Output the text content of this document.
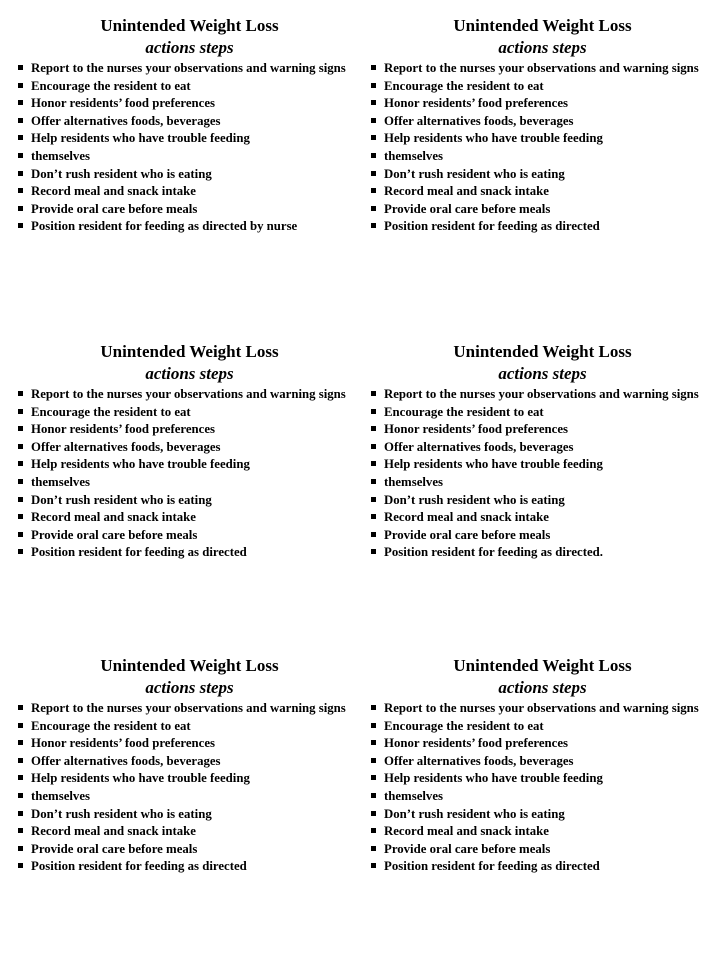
Unintended Weight Loss
actions steps
Report to the nurses your observations and warning signs
Encourage the resident to eat
Honor residents’ food preferences
Offer alternatives foods, beverages
Help residents who have trouble feeding
themselves
Don’t rush resident who is eating
Record meal and snack intake
Provide oral care before meals
Position resident for feeding as directed by nurse
Unintended Weight Loss
actions steps
Report to the nurses your observations and warning signs
Encourage the resident to eat
Honor residents’ food preferences
Offer alternatives foods, beverages
Help residents who have trouble feeding
themselves
Don’t rush resident who is eating
Record meal and snack intake
Provide oral care before meals
Position resident for feeding as directed
Unintended Weight Loss
actions steps
Report to the nurses your observations and warning signs
Encourage the resident to eat
Honor residents’ food preferences
Offer alternatives foods, beverages
Help residents who have trouble feeding
themselves
Don’t rush resident who is eating
Record meal and snack intake
Provide oral care before meals
Position resident for feeding as directed
Unintended Weight Loss
actions steps
Report to the nurses your observations and warning signs
Encourage the resident to eat
Honor residents’ food preferences
Offer alternatives foods, beverages
Help residents who have trouble feeding
themselves
Don’t rush resident who is eating
Record meal and snack intake
Provide oral care before meals
Position resident for feeding as directed.
Unintended Weight Loss
actions steps
Report to the nurses your observations and warning signs
Encourage the resident to eat
Honor residents’ food preferences
Offer alternatives foods, beverages
Help residents who have trouble feeding
themselves
Don’t rush resident who is eating
Record meal and snack intake
Provide oral care before meals
Position resident for feeding as directed
Unintended Weight Loss
actions steps
Report to the nurses your observations and warning signs
Encourage the resident to eat
Honor residents’ food preferences
Offer alternatives foods, beverages
Help residents who have trouble feeding
themselves
Don’t rush resident who is eating
Record meal and snack intake
Provide oral care before meals
Position resident for feeding as directed
